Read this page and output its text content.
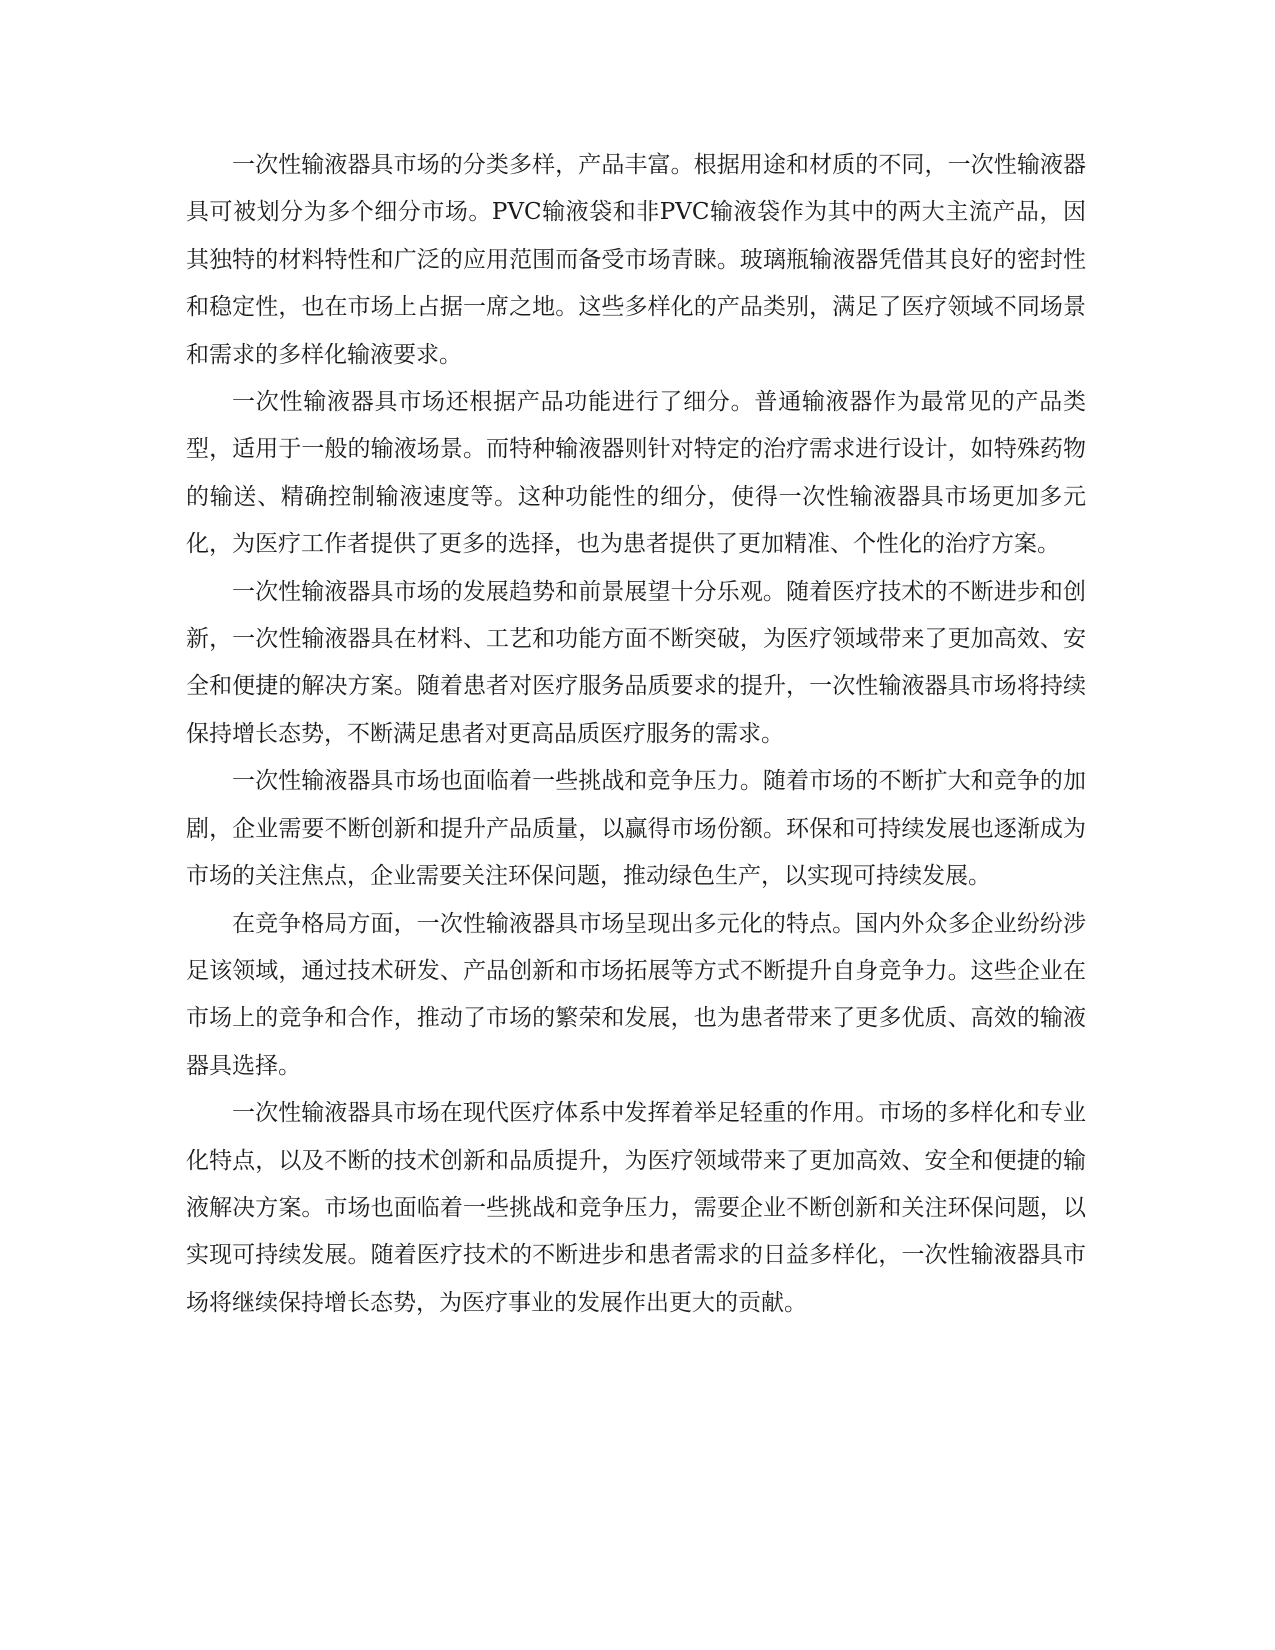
一次性输液器具市场的分类多样，产品丰富。根据用途和材质的不同，一次性输液器具可被划分为多个细分市场。PVC输液袋和非PVC输液袋作为其中的两大主流产品，因其独特的材料特性和广泛的应用范围而备受市场青睐。玻璃瓶输液器凭借其良好的密封性和稳定性，也在市场上占据一席之地。这些多样化的产品类别，满足了医疗领域不同场景和需求的多样化输液要求。

一次性输液器具市场还根据产品功能进行了细分。普通输液器作为最常见的产品类型，适用于一般的输液场景。而特种输液器则针对特定的治疗需求进行设计，如特殊药物的输送、精确控制输液速度等。这种功能性的细分，使得一次性输液器具市场更加多元化，为医疗工作者提供了更多的选择，也为患者提供了更加精准、个性化的治疗方案。

一次性输液器具市场的发展趋势和前景展望十分乐观。随着医疗技术的不断进步和创新，一次性输液器具在材料、工艺和功能方面不断突破，为医疗领域带来了更加高效、安全和便捷的解决方案。随着患者对医疗服务品质要求的提升，一次性输液器具市场将持续保持增长态势，不断满足患者对更高品质医疗服务的需求。

一次性输液器具市场也面临着一些挑战和竞争压力。随着市场的不断扩大和竞争的加剧，企业需要不断创新和提升产品质量，以赢得市场份额。环保和可持续发展也逐渐成为市场的关注焦点，企业需要关注环保问题，推动绿色生产，以实现可持续发展。

在竞争格局方面，一次性输液器具市场呈现出多元化的特点。国内外众多企业纷纷涉足该领域，通过技术研发、产品创新和市场拓展等方式不断提升自身竞争力。这些企业在市场上的竞争和合作，推动了市场的繁荣和发展，也为患者带来了更多优质、高效的输液器具选择。

一次性输液器具市场在现代医疗体系中发挥着举足轻重的作用。市场的多样化和专业化特点，以及不断的技术创新和品质提升，为医疗领域带来了更加高效、安全和便捷的输液解决方案。市场也面临着一些挑战和竞争压力，需要企业不断创新和关注环保问题，以实现可持续发展。随着医疗技术的不断进步和患者需求的日益多样化，一次性输液器具市场将继续保持增长态势，为医疗事业的发展作出更大的贡献。
